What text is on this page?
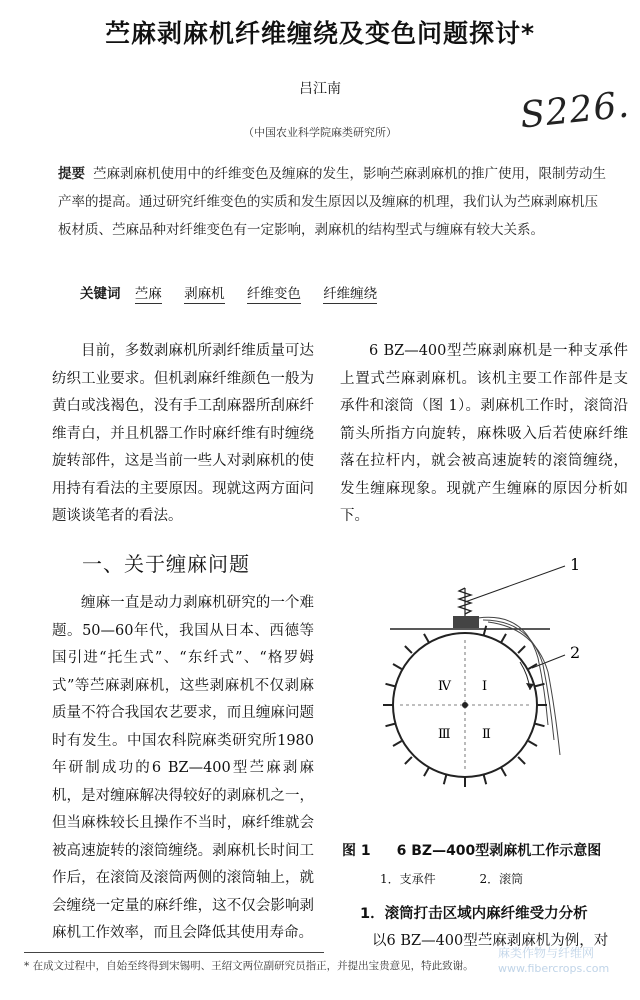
苎麻剥麻机纤维缠绕及变色问题探讨*
吕江南
（中国农业科学院麻类研究所）	S226.
提要 苎麻剥麻机使用中的纤维变色及缠麻的发生，影响苎麻剥麻机的推广使用，限制劳动生产率的提高。通过研究纤维变色的实质和发生原因以及缠麻的机理，我们认为苎麻剥麻机压板材质、苎麻品种对纤维变色有一定影响，剥麻机的结构型式与缠麻有较大关系。
关键词 苎麻 剥麻机 纤维变色 纤维缠绕
目前，多数剥麻机所剥纤维质量可达纺织工业要求。但机剥麻纤维颜色一般为黄白或浅褐色，没有手工刮麻器所刮麻纤维青白，并且机器工作时麻纤维有时缠绕旋转部件，这是当前一些人对剥麻机的使用持有看法的主要原因。现就这两方面问题谈谈笔者的看法。
6 BZ—400型苎麻剥麻机是一种支承件上置式苎麻剥麻机。该机主要工作部件是支承件和滚筒（图 1）。剥麻机工作时，滚筒沿箭头所指方向旋转，麻株吸入后若使麻纤维落在拉杆内，就会被高速旋转的滚筒缠绕，发生缠麻现象。现就产生缠麻的原因分析如下。
一、关于缠麻问题
缠麻一直是动力剥麻机研究的一个难题。50—60年代，我国从日本、西德等国引进“托生式”、“东纤式”、“格罗姆式”等苎麻剥麻机，这些剥麻机不仅剥麻质量不符合我国农艺要求，而且缠麻问题时有发生。中国农科院麻类研究所1980年研制成功的6 BZ—400型苎麻剥麻机，是对缠麻解决得较好的剥麻机之一，但当麻株较长且操作不当时，麻纤维就会被高速旋转的滚筒缠绕。剥麻机长时间工作后，在滚筒及滚筒两侧的滚筒轴上，就会缠绕一定量的麻纤维，这不仅会影响剥麻机工作效率，而且会降低其使用寿命。
1
2
Ⅳ Ⅰ
Ⅲ Ⅱ
图 1 6 BZ—400型剥麻机工作示意图
1．支承件	2．滚筒
1．滚筒打击区域内麻纤维受力分析
以6 BZ—400型苎麻剥麻机为例，对
* 在成文过程中，自始至终得到宋锡明、王绍文两位副研究员指正，并提出宝贵意见，特此致谢。
麻类作物与纤维网
www.fibercrops.com
